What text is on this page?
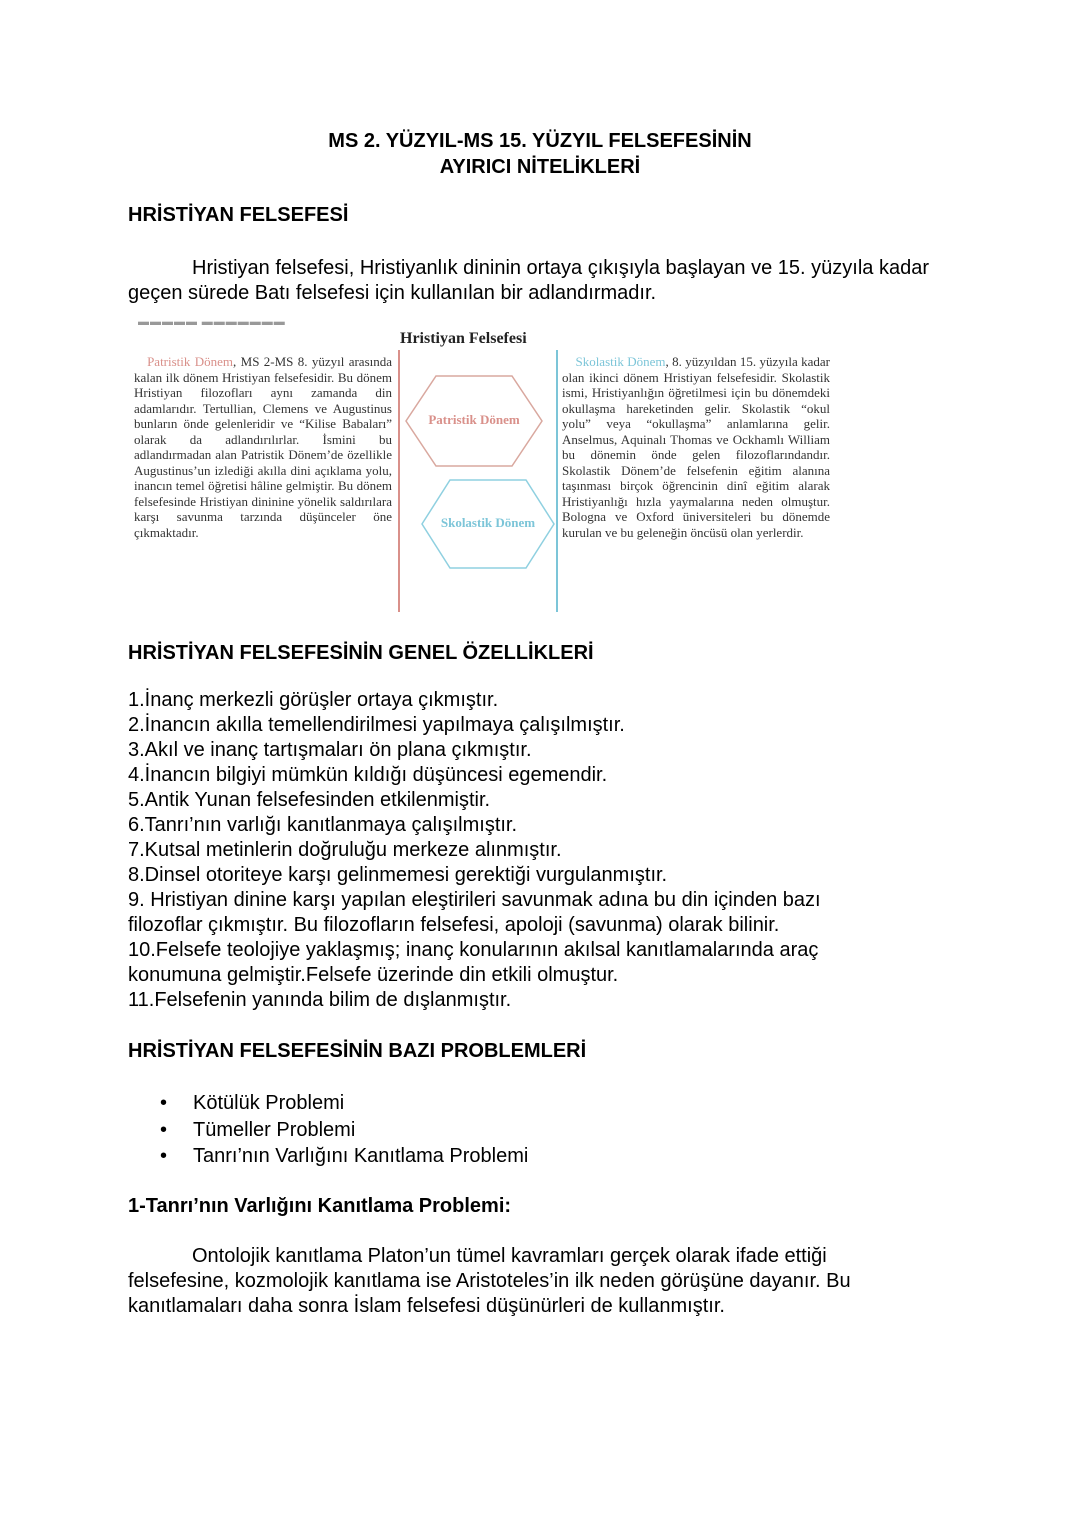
MS 2. YÜZYIL-MS 15. YÜZYIL FELSEFESİNİN
AYIRICI NİTELİKLERİ
HRİSTİYAN FELSEFESİ
Hristiyan felsefesi, Hristiyanlık dininin ortaya çıkışıyla başlayan ve 15. yüzyıla kadar geçen sürede Batı felsefesi için kullanılan bir adlandırmadır.
▬▬▬▬▬ ▬▬▬▬▬▬▬
Hristiyan Felsefesi
Patristik Dönem, MS 2-MS 8. yüzyıl arasında kalan ilk dönem Hristiyan felsefesidir. Bu dönem Hristiyan filozofları aynı zamanda din adamlarıdır. Tertullian, Clemens ve Augustinus bunların önde gelenleridir ve “Kilise Babaları” olarak da adlandırılırlar. İsmini bu adlandırmadan alan Patristik Dönem’de özellikle Augustinus’un izlediği akılla dini açıklama yolu, inancın temel öğretisi hâline gelmiştir. Bu dönem felsefesinde Hristiyan dininine yönelik saldırılara karşı savunma tarzında düşünceler öne çıkmaktadır.
Patristik Dönem
Skolastik Dönem
Skolastik Dönem, 8. yüzyıldan 15. yüzyıla kadar olan ikinci dönem Hristiyan felsefesidir. Skolastik ismi, Hristiyanlığın öğretilmesi için bu dönemdeki okullaşma hareketinden gelir. Skolastik “okul yolu” veya “okullaşma” anlamlarına gelir. Anselmus, Aquinalı Thomas ve Ockhamlı William bu dönemin önde gelen filozoflarındandır. Skolastik Dönem’de felsefenin eğitim alanına taşınması birçok öğrencinin dinî eğitim alarak Hristiyanlığı hızla yaymalarına neden olmuştur. Bologna ve Oxford üniversiteleri bu dönemde kurulan ve bu geleneğin öncüsü olan yerlerdir.
HRİSTİYAN FELSEFESİNİN GENEL ÖZELLİKLERİ
1.İnanç merkezli görüşler ortaya çıkmıştır.
2.İnancın akılla temellendirilmesi yapılmaya çalışılmıştır.
3.Akıl ve inanç tartışmaları ön plana çıkmıştır.
4.İnancın bilgiyi mümkün kıldığı düşüncesi egemendir.
5.Antik Yunan felsefesinden etkilenmiştir.
6.Tanrı’nın varlığı kanıtlanmaya çalışılmıştır.
7.Kutsal metinlerin doğruluğu merkeze alınmıştır.
8.Dinsel otoriteye karşı gelinmemesi gerektiği vurgulanmıştır.
9. Hristiyan dinine karşı yapılan eleştirileri savunmak adına bu din içinden bazı filozoflar çıkmıştır. Bu filozofların felsefesi, apoloji (savunma) olarak bilinir.
10.Felsefe teolojiye yaklaşmış; inanç konularının akılsal kanıtlamalarında araç konumuna gelmiştir.Felsefe üzerinde din etkili olmuştur.
11.Felsefenin yanında bilim de dışlanmıştır.
HRİSTİYAN FELSEFESİNİN BAZI PROBLEMLERİ
•	Kötülük Problemi
•	Tümeller Problemi
•	Tanrı’nın Varlığını Kanıtlama Problemi
1-Tanrı’nın Varlığını Kanıtlama Problemi:
Ontolojik kanıtlama Platon’un tümel kavramları gerçek olarak ifade ettiği felsefesine, kozmolojik kanıtlama ise Aristoteles’in ilk neden görüşüne dayanır. Bu kanıtlamaları daha sonra İslam felsefesi düşünürleri de kullanmıştır.
